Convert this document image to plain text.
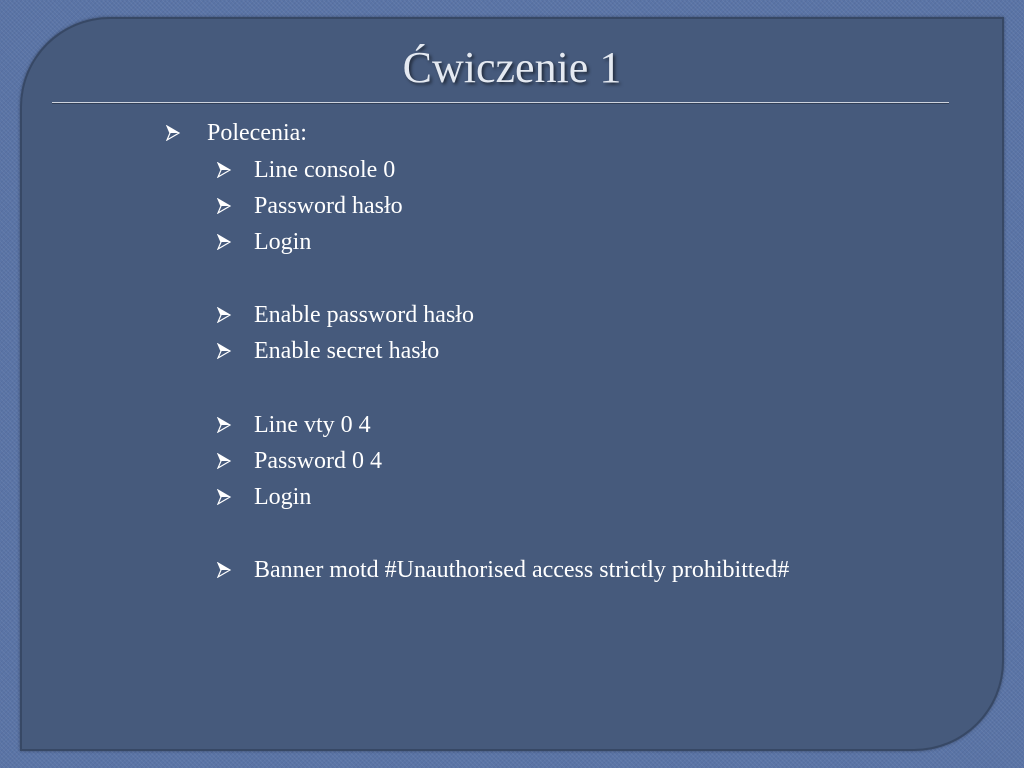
Ćwiczenie 1
Polecenia:
Line console 0
Password hasło
Login
Enable password hasło
Enable secret hasło
Line vty 0 4
Password 0 4
Login
Banner motd #Unauthorised access strictly prohibitted#
